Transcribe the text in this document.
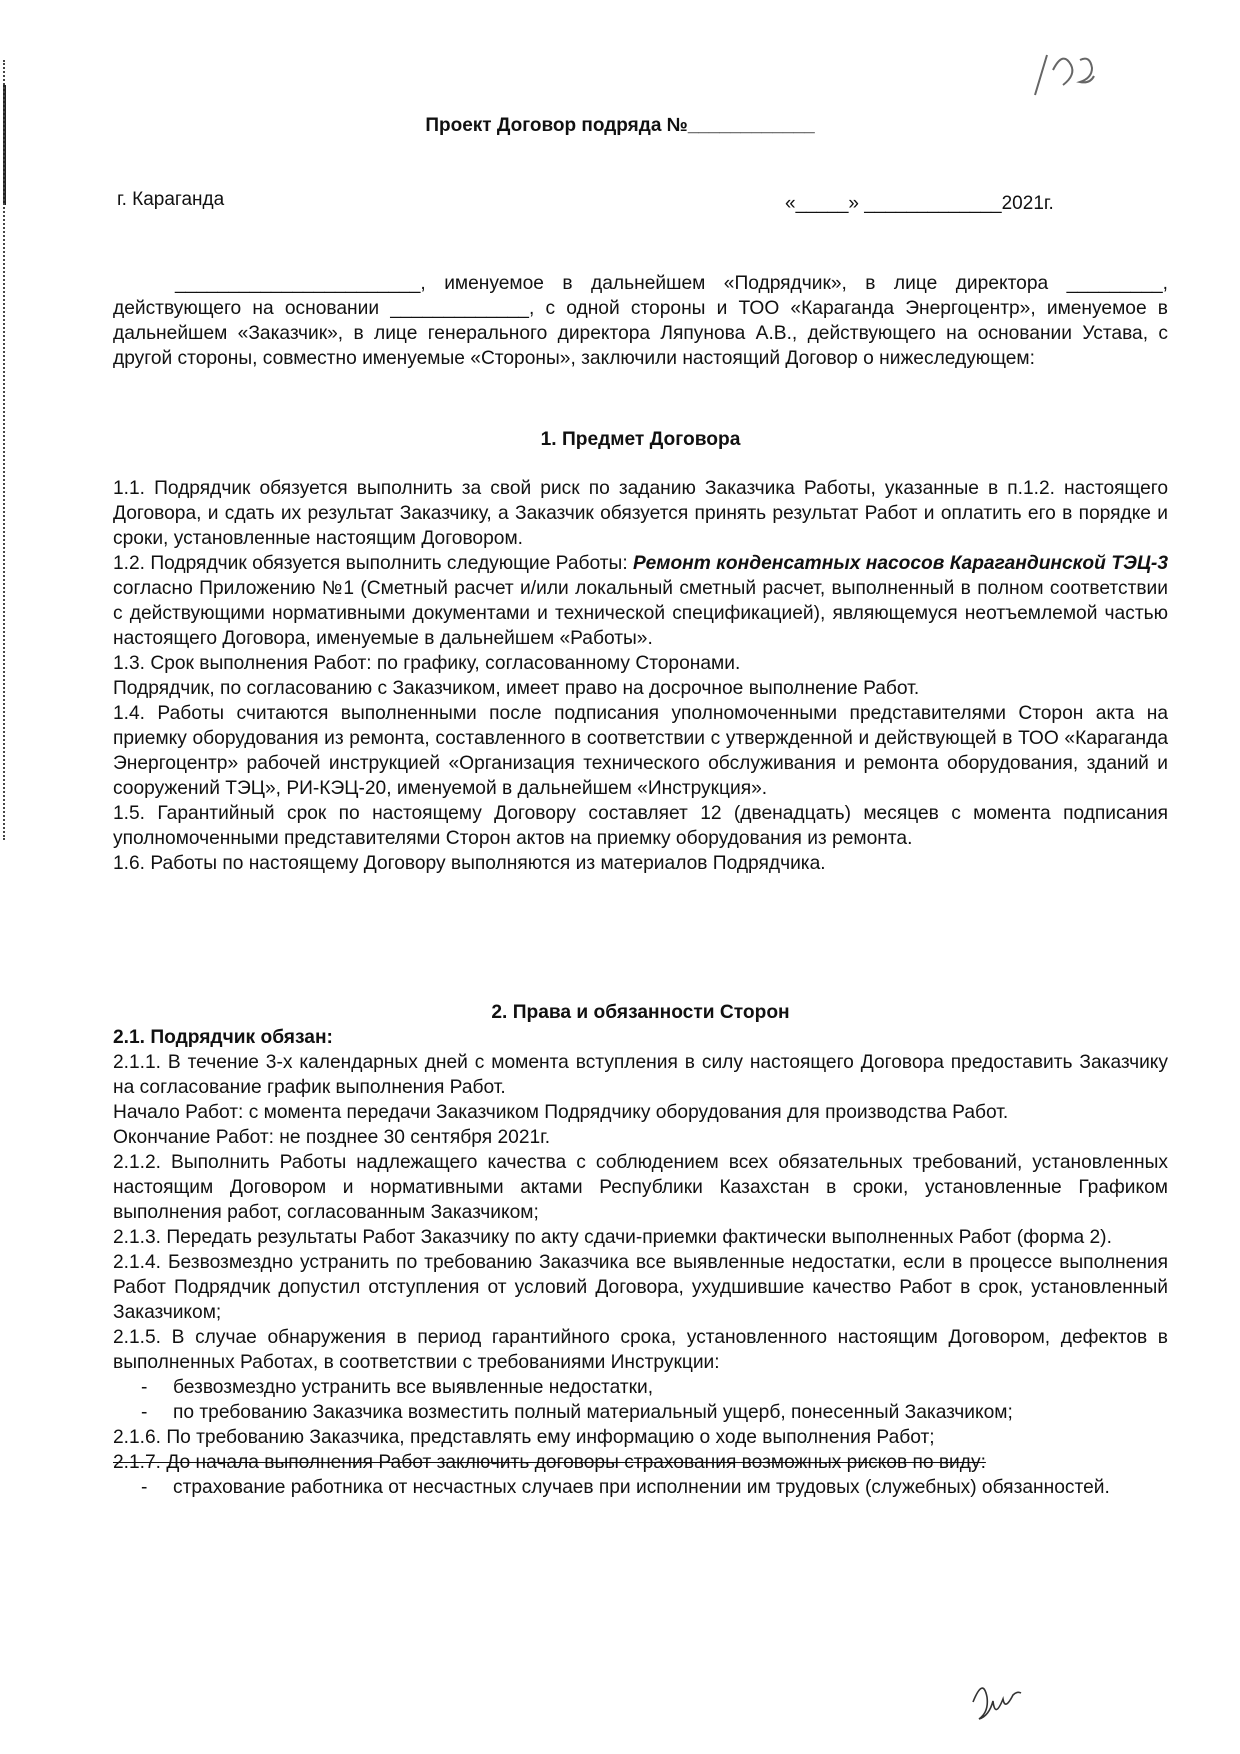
Проект Договор подряда №____________
г. Караганда	«_____» _____________2021г.
_______________________, именуемое в дальнейшем «Подрядчик», в лице директора _________, действующего на основании _____________, с одной стороны и ТОО «Караганда Энергоцентр», именуемое в дальнейшем «Заказчик», в лице генерального директора Ляпунова А.В., действующего на основании Устава, с другой стороны, совместно именуемые «Стороны», заключили настоящий Договор о нижеследующем:
1. Предмет Договора

1.1. Подрядчик обязуется выполнить за свой риск по заданию Заказчика Работы, указанные в п.1.2. настоящего Договора, и сдать их результат Заказчику, а Заказчик обязуется принять результат Работ и оплатить его в порядке и сроки, установленные настоящим Договором.

1.2. Подрядчик обязуется выполнить следующие Работы: Ремонт конденсатных насосов Карагандинской ТЭЦ-3 согласно Приложению №1 (Сметный расчет и/или локальный сметный расчет, выполненный в полном соответствии с действующими нормативными документами и технической спецификацией), являющемуся неотъемлемой частью настоящего Договора, именуемые в дальнейшем «Работы».

1.3. Срок выполнения Работ: по графику, согласованному Сторонами.

Подрядчик, по согласованию с Заказчиком, имеет право на досрочное выполнение Работ.

1.4. Работы считаются выполненными после подписания уполномоченными представителями Сторон акта на приемку оборудования из ремонта, составленного в соответствии с утвержденной и действующей в ТОО «Караганда Энергоцентр» рабочей инструкцией «Организация технического обслуживания и ремонта оборудования, зданий и сооружений ТЭЦ», РИ-КЭЦ-20, именуемой в дальнейшем «Инструкция».

1.5. Гарантийный срок по настоящему Договору составляет 12 (двенадцать) месяцев с момента подписания уполномоченными представителями Сторон актов на приемку оборудования из ремонта.

1.6. Работы по настоящему Договору выполняются из материалов Подрядчика.

2. Права и обязанности Сторон

2.1. Подрядчик обязан:

2.1.1. В течение 3-х календарных дней с момента вступления в силу настоящего Договора предоставить Заказчику на согласование график выполнения Работ.

Начало Работ: с момента передачи Заказчиком Подрядчику оборудования для производства Работ.

Окончание Работ: не позднее 30 сентября 2021г.

2.1.2. Выполнить Работы надлежащего качества с соблюдением всех обязательных требований, установленных настоящим Договором и нормативными актами Республики Казахстан в сроки, установленные Графиком выполнения работ, согласованным Заказчиком;

2.1.3. Передать результаты Работ Заказчику по акту сдачи-приемки фактически выполненных Работ (форма 2).

2.1.4. Безвозмездно устранить по требованию Заказчика все выявленные недостатки, если в процессе выполнения Работ Подрядчик допустил отступления от условий Договора, ухудшившие качество Работ в срок, установленный Заказчиком;

2.1.5. В случае обнаружения в период гарантийного срока, установленного настоящим Договором, дефектов в выполненных Работах, в соответствии с требованиями Инструкции:

-	безвозмездно устранить все выявленные недостатки,
-	по требованию Заказчика возместить полный материальный ущерб, понесенный Заказчиком;

2.1.6. По требованию Заказчика, представлять ему информацию о ходе выполнения Работ;

2.1.7. До начала выполнения Работ заключить договоры страхования возможных рисков по виду:

-	страхование работника от несчастных случаев при исполнении им трудовых (служебных) обязанностей.
